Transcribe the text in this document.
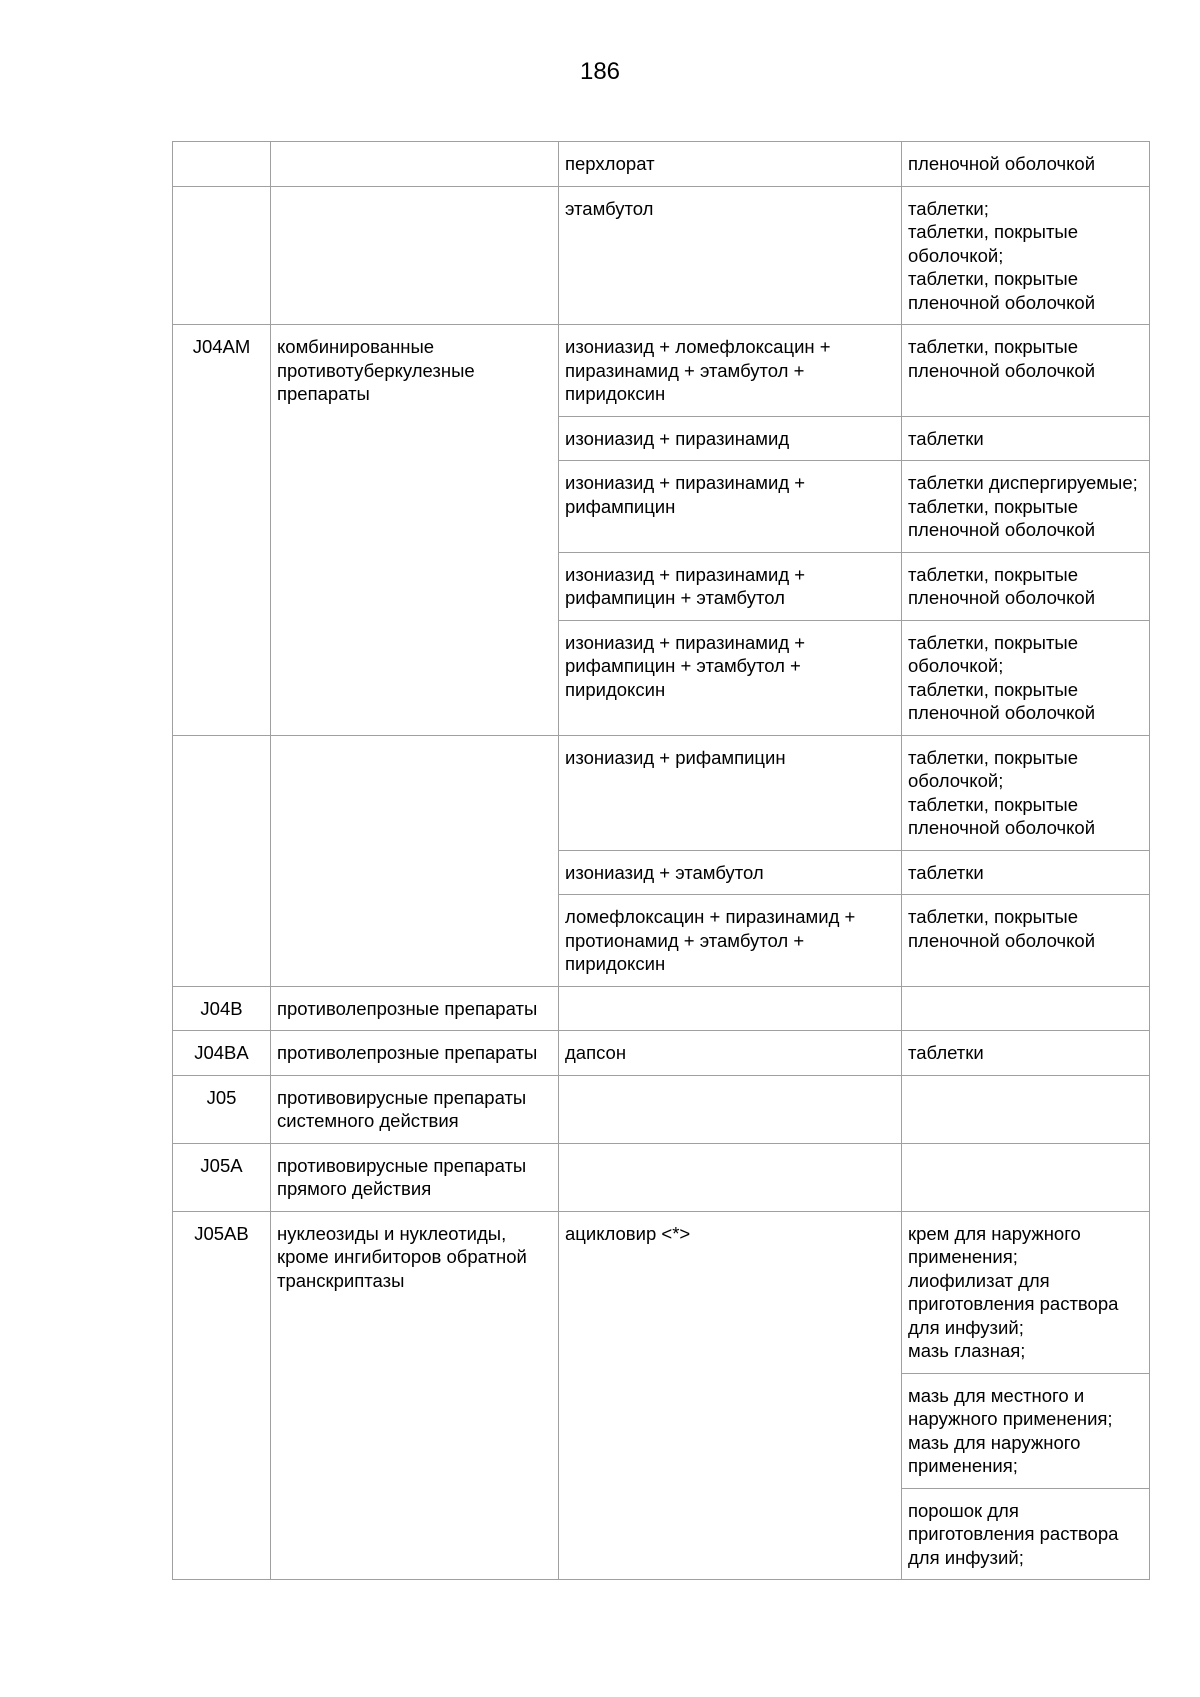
186
		перхлорат	пленочной оболочкой
		этамбутол	таблетки;
таблетки, покрытые оболочкой;
таблетки, покрытые пленочной оболочкой
J04AM	комбинированные противотуберкулезные препараты	изониазид + ломефлоксацин + пиразинамид + этамбутол + пиридоксин	таблетки, покрытые пленочной оболочкой
		изониазид + пиразинамид	таблетки
		изониазид + пиразинамид + рифампицин	таблетки диспергируемые;
таблетки, покрытые пленочной оболочкой
		изониазид + пиразинамид + рифампицин + этамбутол	таблетки, покрытые пленочной оболочкой
		изониазид + пиразинамид + рифампицин + этамбутол + пиридоксин	таблетки, покрытые оболочкой;
таблетки, покрытые пленочной оболочкой
		изониазид + рифампицин	таблетки, покрытые оболочкой;
таблетки, покрытые пленочной оболочкой
		изониазид + этамбутол	таблетки
		ломефлоксацин + пиразинамид + протионамид + этамбутол + пиридоксин	таблетки, покрытые пленочной оболочкой
J04B	противолепрозные препараты		
J04BA	противолепрозные препараты	дапсон	таблетки
J05	противовирусные препараты системного действия		
J05A	противовирусные препараты прямого действия		
J05AB	нуклеозиды и нуклеотиды, кроме ингибиторов обратной транскриптазы	ацикловир <*>	крем для наружного применения;
лиофилизат для приготовления раствора для инфузий;
мазь глазная;
			мазь для местного и наружного применения;
мазь для наружного применения;
			порошок для приготовления раствора для инфузий;
